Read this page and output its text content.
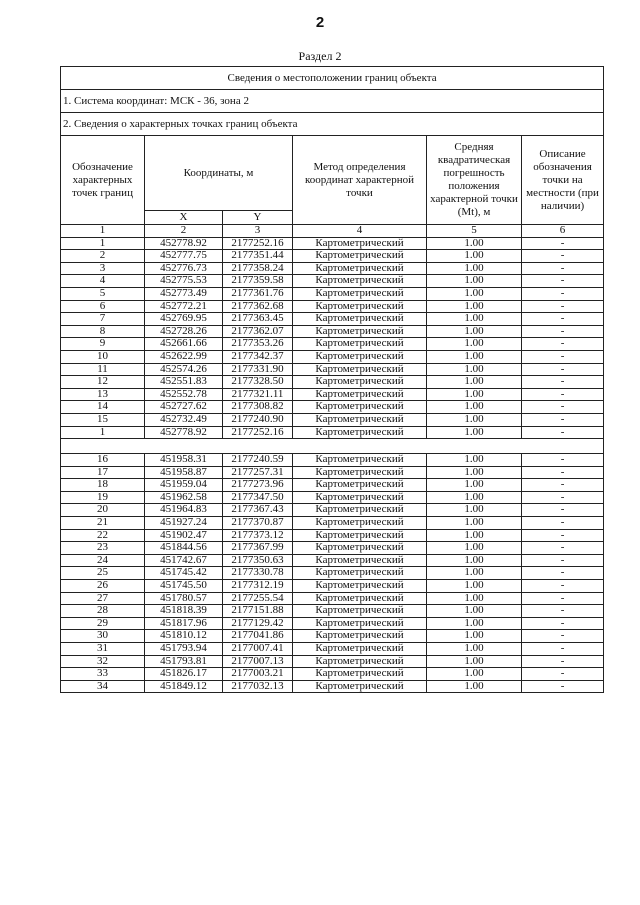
2
Раздел 2
Сведения о местоположении границ объекта					
1. Система координат: МСК - 36, зона 2					
2. Сведения о характерных точках границ объекта					
Обозначение характерных точек границ	Координаты, м		Метод определения координат характерной точки	Средняя квадратическая погрешность положения характерной точки (Mt), м	Описание обозначения точки на местности (при наличии)
	X	Y			
1	2	3	4	5	6
1	452778.92	2177252.16	Картометрический	1.00	-
2	452777.75	2177351.44	Картометрический	1.00	-
3	452776.73	2177358.24	Картометрический	1.00	-
4	452775.53	2177359.58	Картометрический	1.00	-
5	452773.49	2177361.76	Картометрический	1.00	-
6	452772.21	2177362.68	Картометрический	1.00	-
7	452769.95	2177363.45	Картометрический	1.00	-
8	452728.26	2177362.07	Картометрический	1.00	-
9	452661.66	2177353.26	Картометрический	1.00	-
10	452622.99	2177342.37	Картометрический	1.00	-
11	452574.26	2177331.90	Картометрический	1.00	-
12	452551.83	2177328.50	Картометрический	1.00	-
13	452552.78	2177321.11	Картометрический	1.00	-
14	452727.62	2177308.82	Картометрический	1.00	-
15	452732.49	2177240.90	Картометрический	1.00	-
1	452778.92	2177252.16	Картометрический	1.00	-

16	451958.31	2177240.59	Картометрический	1.00	-
17	451958.87	2177257.31	Картометрический	1.00	-
18	451959.04	2177273.96	Картометрический	1.00	-
19	451962.58	2177347.50	Картометрический	1.00	-
20	451964.83	2177367.43	Картометрический	1.00	-
21	451927.24	2177370.87	Картометрический	1.00	-
22	451902.47	2177373.12	Картометрический	1.00	-
23	451844.56	2177367.99	Картометрический	1.00	-
24	451742.67	2177350.63	Картометрический	1.00	-
25	451745.42	2177330.78	Картометрический	1.00	-
26	451745.50	2177312.19	Картометрический	1.00	-
27	451780.57	2177255.54	Картометрический	1.00	-
28	451818.39	2177151.88	Картометрический	1.00	-
29	451817.96	2177129.42	Картометрический	1.00	-
30	451810.12	2177041.86	Картометрический	1.00	-
31	451793.94	2177007.41	Картометрический	1.00	-
32	451793.81	2177007.13	Картометрический	1.00	-
33	451826.17	2177003.21	Картометрический	1.00	-
34	451849.12	2177032.13	Картометрический	1.00	-
